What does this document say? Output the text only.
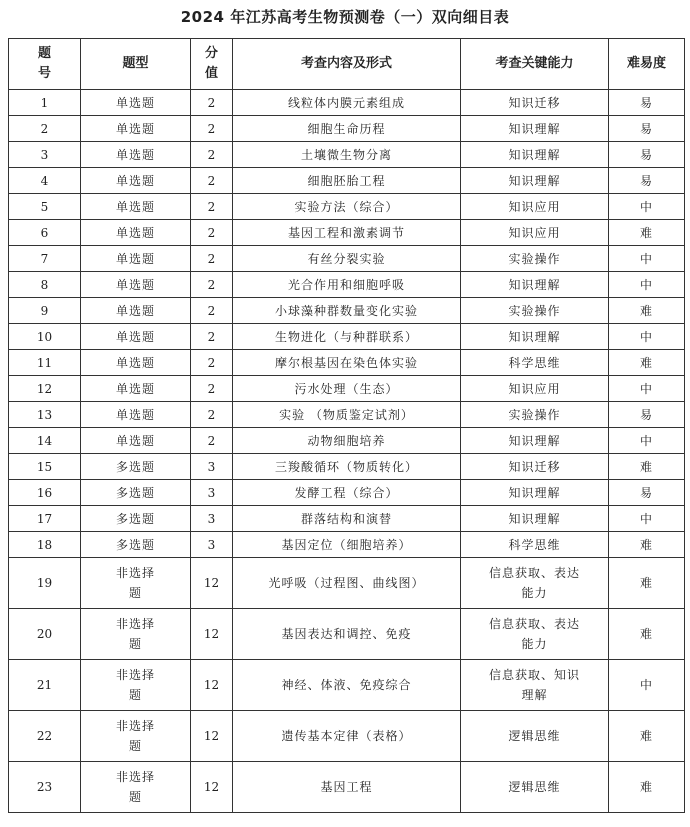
2024 年江苏高考生物预测卷（一）双向细目表
题号	题型	分值	考查内容及形式	考查关键能力	难易度
1	单选题	2	线粒体内膜元素组成	知识迁移	易
2	单选题	2	细胞生命历程	知识理解	易
3	单选题	2	土壤微生物分离	知识理解	易
4	单选题	2	细胞胚胎工程	知识理解	易
5	单选题	2	实验方法（综合）	知识应用	中
6	单选题	2	基因工程和激素调节	知识应用	难
7	单选题	2	有丝分裂实验	实验操作	中
8	单选题	2	光合作用和细胞呼吸	知识理解	中
9	单选题	2	小球藻种群数量变化实验	实验操作	难
10	单选题	2	生物进化（与种群联系）	知识理解	中
11	单选题	2	摩尔根基因在染色体实验	科学思维	难
12	单选题	2	污水处理（生态）	知识应用	中
13	单选题	2	实验 （物质鉴定试剂）	实验操作	易
14	单选题	2	动物细胞培养	知识理解	中
15	多选题	3	三羧酸循环（物质转化）	知识迁移	难
16	多选题	3	发酵工程（综合）	知识理解	易
17	多选题	3	群落结构和演替	知识理解	中
18	多选题	3	基因定位（细胞培养）	科学思维	难
19	非选择题	12	光呼吸（过程图、曲线图）	信息获取、表达能力	难
20	非选择题	12	基因表达和调控、免疫	信息获取、表达能力	难
21	非选择题	12	神经、体液、免疫综合	信息获取、知识理解	中
22	非选择题	12	遗传基本定律（表格）	逻辑思维	难
23	非选择题	12	基因工程	逻辑思维	难
